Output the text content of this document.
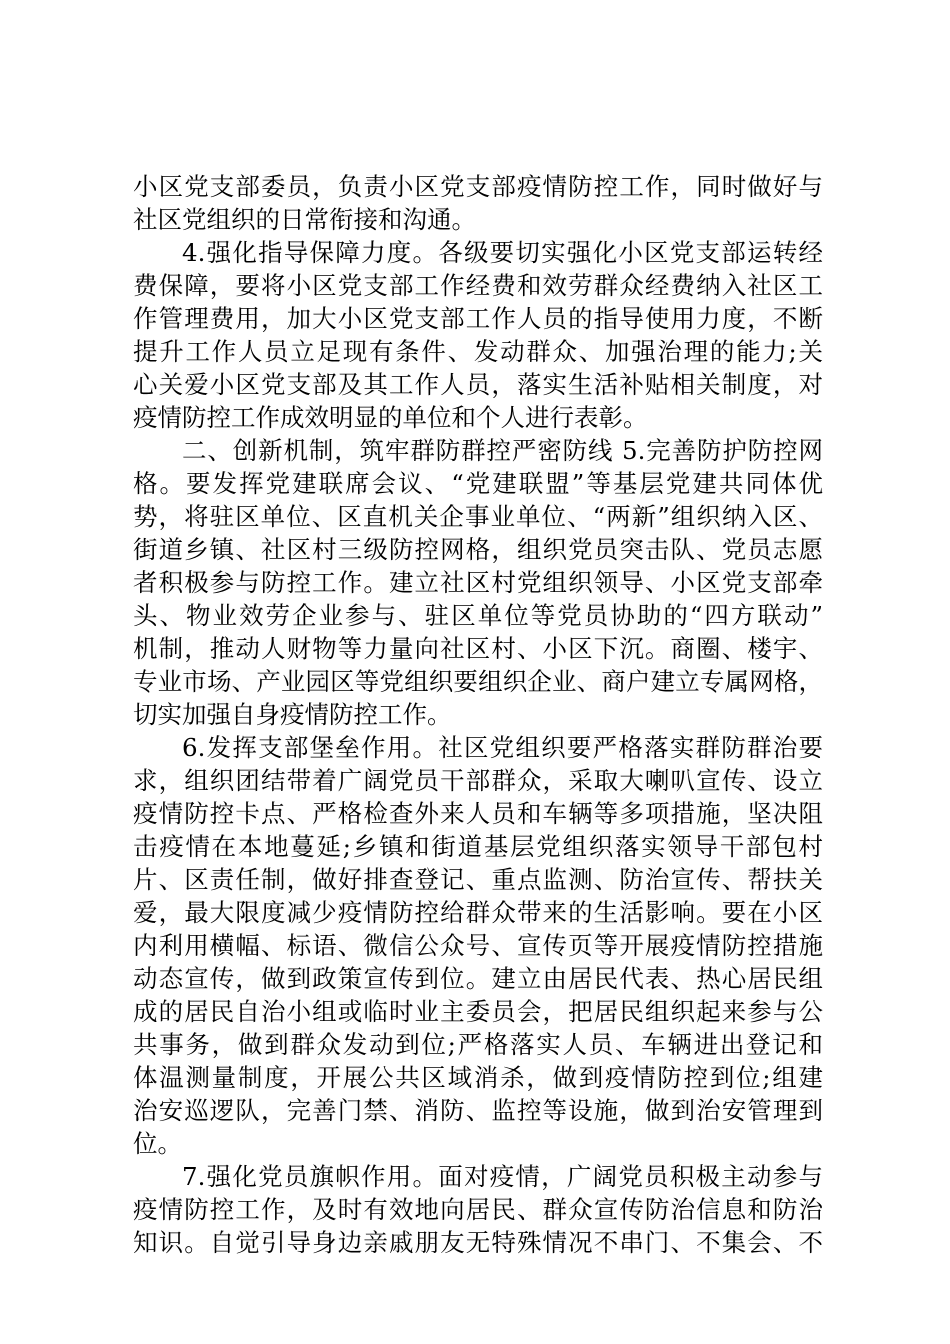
小区党支部委员，负责小区党支部疫情防控工作，同时做好与
社区党组织的日常衔接和沟通。
4.强化指导保障力度。各级要切实强化小区党支部运转经
费保障，要将小区党支部工作经费和效劳群众经费纳入社区工
作管理费用，加大小区党支部工作人员的指导使用力度，不断
提升工作人员立足现有条件、发动群众、加强治理的能力;关
心关爱小区党支部及其工作人员，落实生活补贴相关制度，对
疫情防控工作成效明显的单位和个人进行表彰。
二、创新机制，筑牢群防群控严密防线 5.完善防护防控网
格。要发挥党建联席会议、“党建联盟”等基层党建共同体优
势，将驻区单位、区直机关企事业单位、“两新”组织纳入区、
街道乡镇、社区村三级防控网格，组织党员突击队、党员志愿
者积极参与防控工作。建立社区村党组织领导、小区党支部牵
头、物业效劳企业参与、驻区单位等党员协助的“四方联动”
机制，推动人财物等力量向社区村、小区下沉。商圈、楼宇、
专业市场、产业园区等党组织要组织企业、商户建立专属网格，
切实加强自身疫情防控工作。
6.发挥支部堡垒作用。社区党组织要严格落实群防群治要
求，组织团结带着广阔党员干部群众，采取大喇叭宣传、设立
疫情防控卡点、严格检查外来人员和车辆等多项措施，坚决阻
击疫情在本地蔓延;乡镇和街道基层党组织落实领导干部包村
片、区责任制，做好排查登记、重点监测、防治宣传、帮扶关
爱，最大限度减少疫情防控给群众带来的生活影响。要在小区
内利用横幅、标语、微信公众号、宣传页等开展疫情防控措施
动态宣传，做到政策宣传到位。建立由居民代表、热心居民组
成的居民自治小组或临时业主委员会，把居民组织起来参与公
共事务，做到群众发动到位;严格落实人员、车辆进出登记和
体温测量制度，开展公共区域消杀，做到疫情防控到位;组建
治安巡逻队，完善门禁、消防、监控等设施，做到治安管理到
位。
7.强化党员旗帜作用。面对疫情，广阔党员积极主动参与
疫情防控工作，及时有效地向居民、群众宣传防治信息和防治
知识。自觉引导身边亲戚朋友无特殊情况不串门、不集会、不
